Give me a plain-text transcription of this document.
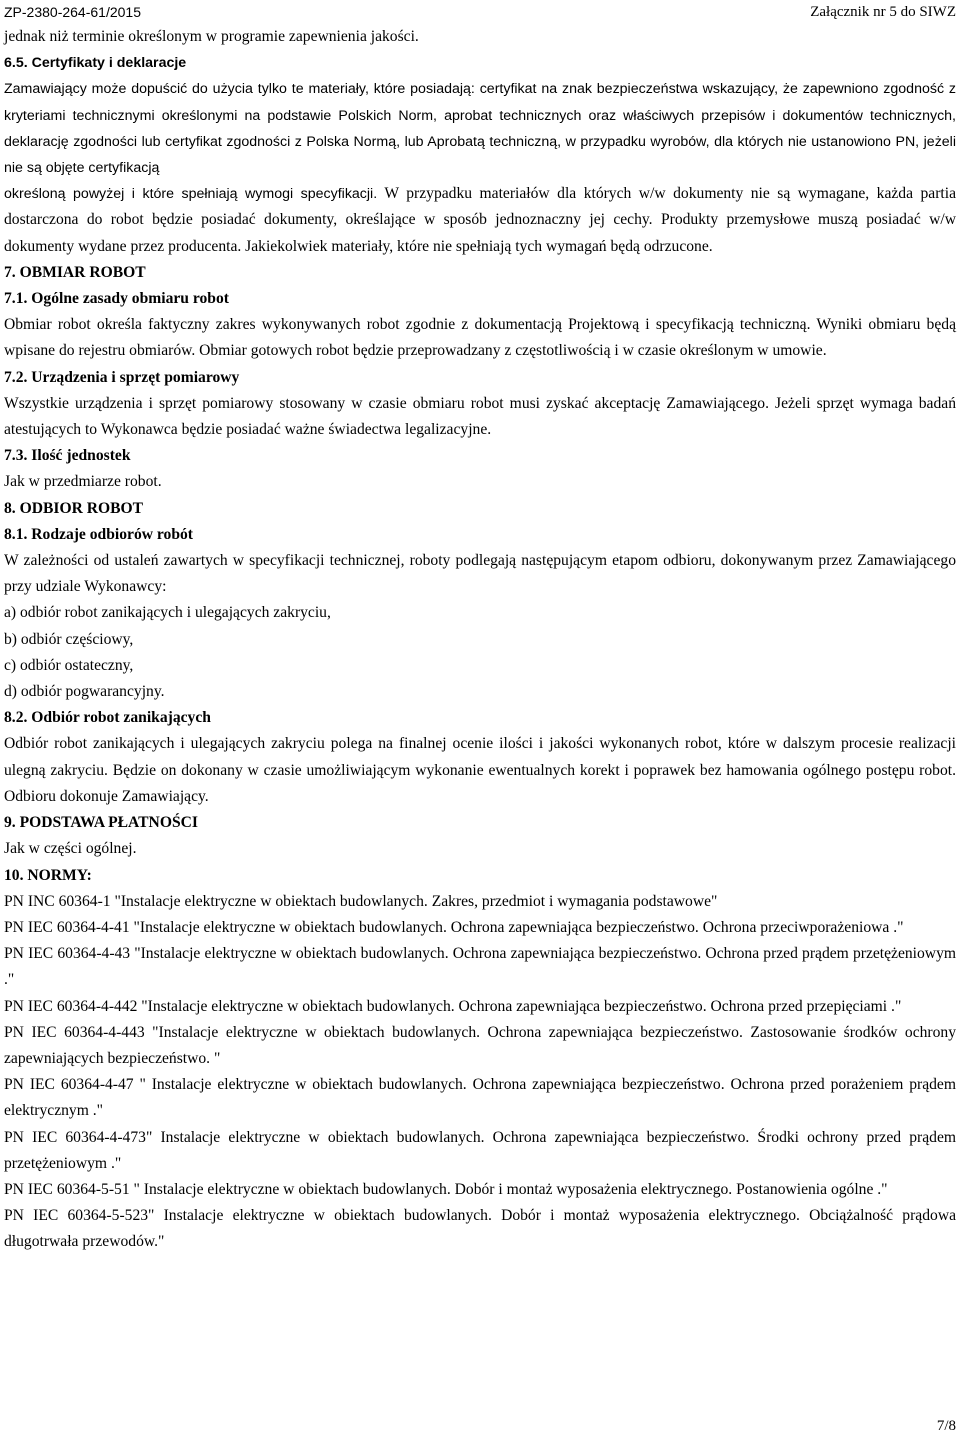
ZP-2380-264-61/2015	Załącznik nr 5 do SIWZ

jednak niż terminie określonym w programie zapewnienia jakości.

6.5. Certyfikaty i deklaracje

Zamawiający może dopuścić do użycia tylko te materiały, które posiadają: certyfikat na znak bezpieczeństwa wskazujący, że zapewniono zgodność z kryteriami technicznymi określonymi na podstawie Polskich Norm, aprobat technicznych oraz właściwych przepisów i dokumentów technicznych, deklarację zgodności lub certyfikat zgodności z Polska Normą, lub Aprobatą techniczną, w przypadku wyrobów, dla których nie ustanowiono PN, jeżeli nie są objęte certyfikacją

określoną powyżej i które spełniają wymogi specyfikacji. W przypadku materiałów dla których w/w dokumenty nie są wymagane, każda partia dostarczona do robot będzie posiadać dokumenty, określające w sposób jednoznaczny jej cechy. Produkty przemysłowe muszą posiadać w/w dokumenty wydane przez producenta. Jakiekolwiek materiały, które nie spełniają tych wymagań będą odrzucone.

7. OBMIAR ROBOT

7.1. Ogólne zasady obmiaru robot

Obmiar robot określa faktyczny zakres wykonywanych robot zgodnie z dokumentacją Projektową i specyfikacją techniczną. Wyniki obmiaru będą wpisane do rejestru obmiarów. Obmiar gotowych robot będzie przeprowadzany z częstotliwością i w czasie określonym w umowie.

7.2. Urządzenia i sprzęt pomiarowy

Wszystkie urządzenia i sprzęt pomiarowy stosowany w czasie obmiaru robot musi zyskać akceptację Zamawiającego. Jeżeli sprzęt wymaga badań atestujących to Wykonawca będzie posiadać ważne świadectwa legalizacyjne.

7.3. Ilość jednostek

Jak w przedmiarze robot.

8. ODBIOR ROBOT

8.1. Rodzaje odbiorów robót

W zależności od ustaleń zawartych w specyfikacji technicznej, roboty podlegają następującym etapom odbioru, dokonywanym przez Zamawiającego przy udziale Wykonawcy:

a) odbiór robot zanikających i ulegających zakryciu,

b) odbiór częściowy,

c) odbiór ostateczny,

d) odbiór pogwarancyjny.

8.2. Odbiór robot zanikających

Odbiór robot zanikających i ulegających zakryciu polega na finalnej ocenie ilości i jakości wykonanych robot, które w dalszym procesie realizacji ulegną zakryciu. Będzie on dokonany w czasie umożliwiającym wykonanie ewentualnych korekt i poprawek bez hamowania ogólnego postępu robot. Odbioru dokonuje Zamawiający.

9. PODSTAWA PŁATNOŚCI

Jak w części ogólnej.

10. NORMY:

PN INC 60364-1 "Instalacje elektryczne w obiektach budowlanych. Zakres, przedmiot i wymagania podstawowe"

PN IEC 60364-4-41 "Instalacje elektryczne w obiektach budowlanych. Ochrona zapewniająca bezpieczeństwo. Ochrona przeciwporażeniowa ."

PN IEC 60364-4-43 "Instalacje elektryczne w obiektach budowlanych. Ochrona zapewniająca bezpieczeństwo. Ochrona przed prądem przetężeniowym ."

PN IEC 60364-4-442 "Instalacje elektryczne w obiektach budowlanych. Ochrona zapewniająca bezpieczeństwo. Ochrona przed przepięciami ."

PN IEC 60364-4-443 "Instalacje elektryczne w obiektach budowlanych. Ochrona zapewniająca bezpieczeństwo. Zastosowanie środków ochrony zapewniających bezpieczeństwo. "

PN IEC 60364-4-47 " Instalacje elektryczne w obiektach budowlanych. Ochrona zapewniająca bezpieczeństwo. Ochrona przed porażeniem prądem elektrycznym ."

PN IEC 60364-4-473" Instalacje elektryczne w obiektach budowlanych. Ochrona zapewniająca bezpieczeństwo. Środki ochrony przed prądem przetężeniowym ."

PN IEC 60364-5-51 " Instalacje elektryczne w obiektach budowlanych. Dobór i montaż wyposażenia elektrycznego. Postanowienia ogólne ."

PN IEC 60364-5-523" Instalacje elektryczne w obiektach budowlanych. Dobór i montaż wyposażenia elektrycznego. Obciążalność prądowa długotrwała przewodów."

7/8
